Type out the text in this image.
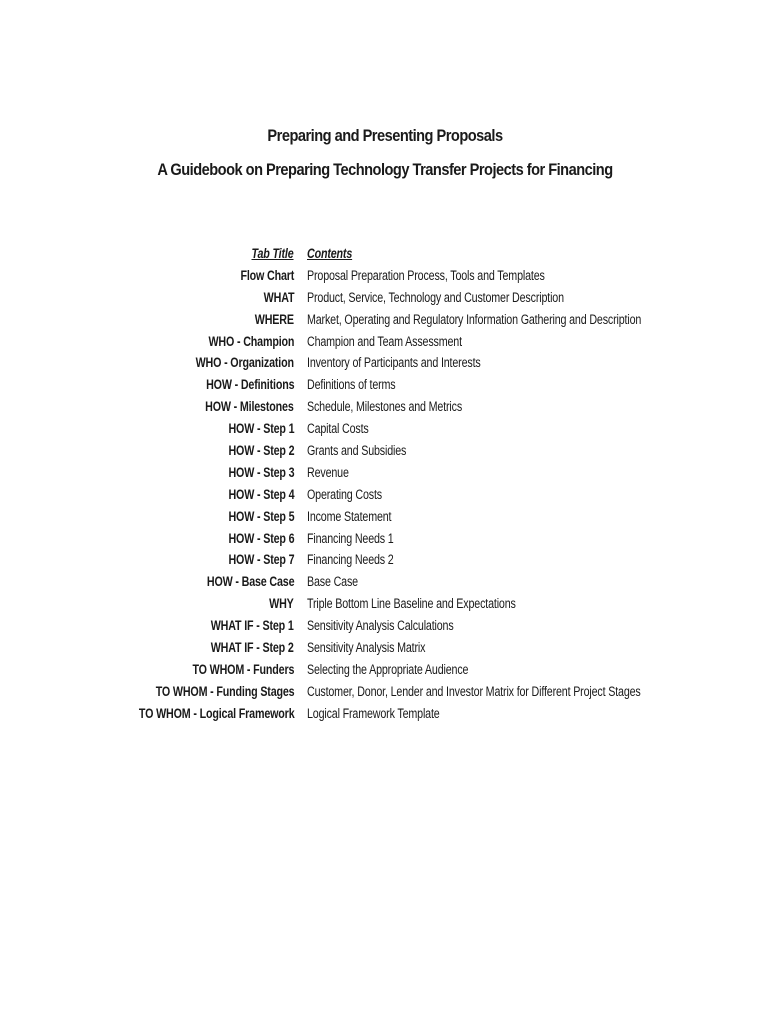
Preparing and Presenting Proposals
A Guidebook on Preparing Technology Transfer Projects for Financing
Tab Title Contents
Flow Chart Proposal Preparation Process, Tools and Templates
WHAT Product, Service, Technology and Customer Description
WHERE Market, Operating and Regulatory Information Gathering and Description
WHO - Champion Champion and Team Assessment
WHO - Organization Inventory of Participants and Interests
HOW - Definitions Definitions of terms
HOW - Milestones Schedule, Milestones and Metrics
HOW - Step 1 Capital Costs
HOW - Step 2 Grants and Subsidies
HOW - Step 3 Revenue
HOW - Step 4 Operating Costs
HOW - Step 5 Income Statement
HOW - Step 6 Financing Needs 1
HOW - Step 7 Financing Needs 2
HOW - Base Case Base Case
WHY Triple Bottom Line Baseline and Expectations
WHAT IF - Step 1 Sensitivity Analysis Calculations
WHAT IF - Step 2 Sensitivity Analysis Matrix
TO WHOM - Funders Selecting the Appropriate Audience
TO WHOM - Funding Stages Customer, Donor, Lender and Investor Matrix for Different Project Stages
TO WHOM - Logical Framework Logical Framework Template
